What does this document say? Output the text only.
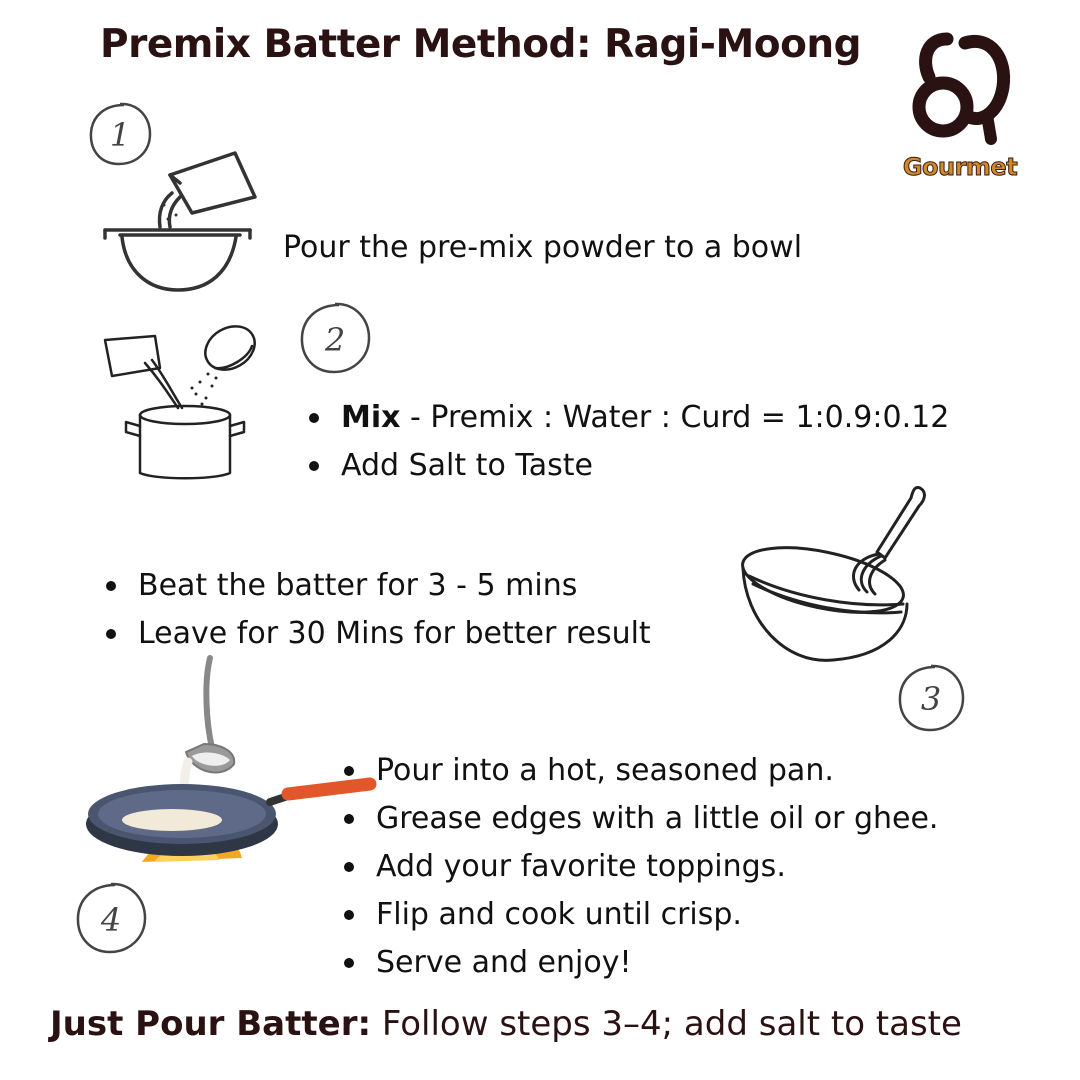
Premix Batter Method: Ragi-Moong
Gourmet
1
Pour the pre-mix powder to a bowl
2
Mix - Premix : Water : Curd = 1:0.9:0.12
Add Salt to Taste
Beat the batter for 3 - 5 mins
Leave for 30 Mins for better result
3
Pour into a hot, seasoned pan.
Grease edges with a little oil or ghee.
Add your favorite toppings.
Flip and cook until crisp.
Serve and enjoy!
4
Just Pour Batter: Follow steps 3–4; add salt to taste
